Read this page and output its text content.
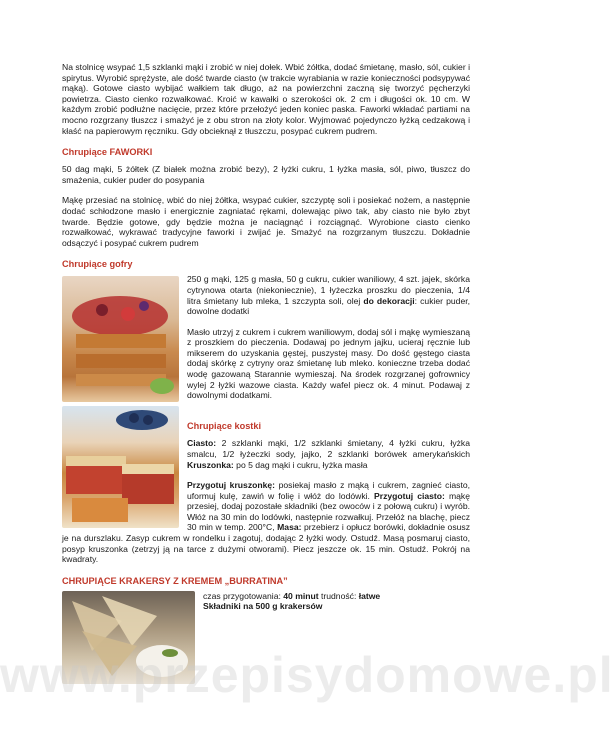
Na stolnicę wsypać 1,5 szklanki mąki i zrobić w niej dołek. Wbić żółtka, dodać śmietanę, masło, sól, cukier i spirytus. Wyrobić sprężyste, ale dość twarde ciasto (w trakcie wyrabiania w razie konieczności podsypywać mąką). Gotowe ciasto wybijać wałkiem tak długo, aż na powierzchni zaczną się tworzyć pęcherzyki powietrza. Ciasto cienko rozwałkować. Kroić w kawałki o szerokości ok. 2 cm i długości ok. 10 cm. W każdym zrobić podłużne nacięcie, przez które przełożyć jeden koniec paska. Faworki wkładać partiami na mocno rozgrzany tłuszcz i smażyć je z obu stron na złoty kolor. Wyjmować pojedynczo łyżką cedzakową i kłaść na papierowym ręczniku. Gdy obcieknął z tłuszczu, posypać cukrem pudrem.

Chrupiące FAWORKI

50 dag mąki, 5 żółtek (Z białek można zrobić bezy), 2 łyżki cukru, 1 łyżka masła, sól, piwo, tłuszcz do smażenia, cukier puder do posypania

Mąkę przesiać na stolnicę, wbić do niej żółtka, wsypać cukier, szczyptę soli i posiekać nożem, a następnie dodać schłodzone masło i energicznie zagniatać rękami, dolewając piwo tak, aby ciasto nie było zbyt twarde. Będzie gotowe, gdy będzie można je naciągnąć i rozciągnąć. Wyrobione ciasto cienko rozwałkować, wykrawać tradycyjne faworki i zwijać je. Smażyć na rozgrzanym tłuszczu. Dokładnie odsączyć i posypać cukrem pudrem

Chrupiące gofry

250 g mąki, 125 g masła, 50 g cukru, cukier waniliowy, 4 szt. jajek, skórka cytrynowa otarta (niekoniecznie), 1 łyżeczka proszku do pieczenia, 1/4 litra śmietany lub mleka, 1 szczypta soli, olej do dekoracji: cukier puder, dowolne dodatki

Masło utrzyj z cukrem i cukrem waniliowym, dodaj sól i mąkę wymieszaną z proszkiem do pieczenia. Dodawaj po jednym jajku, ucieraj ręcznie lub mikserem do uzyskania gęstej, puszystej masy. Do dość gęstego ciasta dodaj skórkę z cytryny oraz śmietanę lub mleko. konieczne trzeba dodać wodę gazowaną Starannie wymieszaj. Na środek rozgrzanej gofrownicy wylej 2 łyżki wazowe ciasta. Każdy wafel piecz ok. 4 minut. Podawaj z dowolnymi dodatkami.

Chrupiące kostki

Ciasto: 2 szklanki mąki, 1/2 szklanki śmietany, 4 łyżki cukru, łyżka smalcu, 1/2 łyżeczki sody, jajko, 2 szklanki borówek amerykańskich Kruszonka: po 5 dag mąki i cukru, łyżka masła

Przygotuj kruszonkę: posiekaj masło z mąką i cukrem, zagnieć ciasto, uformuj kulę, zawiń w folię i włóż do lodówki. Przygotuj ciasto: mąkę przesiej, dodaj pozostałe składniki (bez owoców i z połową cukru) i wyrób. Włóż na 30 min do lodówki, następnie rozwałkuj. Przełóż na blachę, piecz 30 min w temp. 200°C, Masa: przebierz i opłucz borówki, dokładnie osusz je na durszlaku. Zasyp cukrem w rondelku i zagotuj, dodając 2 łyżki wody. Ostudź. Masą posmaruj ciasto, posyp kruszonka (zetrzyj ją na tarce z dużymi otworami). Piecz jeszcze ok. 15 min. Ostudź. Pokrój na kwadraty.

CHRUPIĄCE KRAKERSY Z KREMEM „BURRATINA”

czas przygotowania: 40 minut trudność: łatwe

Składniki na 500 g krakersów

www.przepisydomowe.pl
